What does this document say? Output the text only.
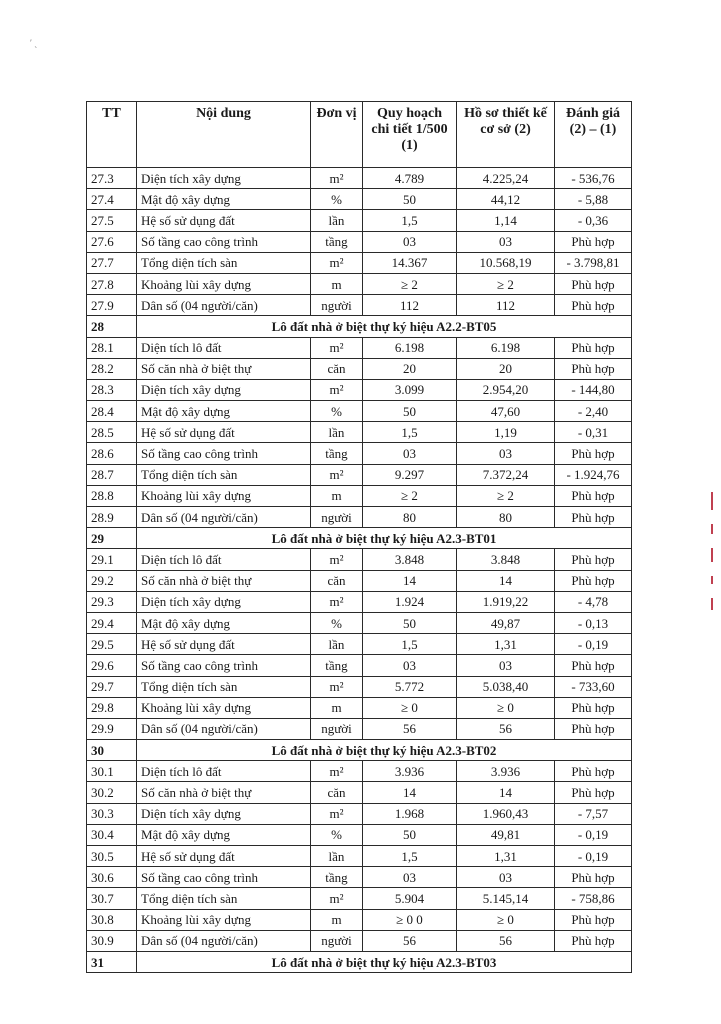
′ ˏ
TT	Nội dung	Đơn vị	Quy hoạch chi tiết 1/500 (1)	Hồ sơ thiết kế cơ sở (2)	Đánh giá (2) – (1)
27.3	Diện tích xây dựng	m²	4.789	4.225,24	- 536,76
27.4	Mật độ xây dựng	%	50	44,12	- 5,88
27.5	Hệ số sử dụng đất	lần	1,5	1,14	- 0,36
27.6	Số tầng cao công trình	tầng	03	03	Phù hợp
27.7	Tổng diện tích sàn	m²	14.367	10.568,19	- 3.798,81
27.8	Khoảng lùi xây dựng	m	≥ 2	≥ 2	Phù hợp
27.9	Dân số (04 người/căn)	người	112	112	Phù hợp
28	Lô đất nhà ở biệt thự ký hiệu A2.2-BT05				
28.1	Diện tích lô đất	m²	6.198	6.198	Phù hợp
28.2	Số căn nhà ở biệt thự	căn	20	20	Phù hợp
28.3	Diện tích xây dựng	m²	3.099	2.954,20	- 144,80
28.4	Mật độ xây dựng	%	50	47,60	- 2,40
28.5	Hệ số sử dụng đất	lần	1,5	1,19	- 0,31
28.6	Số tầng cao công trình	tầng	03	03	Phù hợp
28.7	Tổng diện tích sàn	m²	9.297	7.372,24	- 1.924,76
28.8	Khoảng lùi xây dựng	m	≥ 2	≥ 2	Phù hợp
28.9	Dân số (04 người/căn)	người	80	80	Phù hợp
29	Lô đất nhà ở biệt thự ký hiệu A2.3-BT01				
29.1	Diện tích lô đất	m²	3.848	3.848	Phù hợp
29.2	Số căn nhà ở biệt thự	căn	14	14	Phù hợp
29.3	Diện tích xây dựng	m²	1.924	1.919,22	- 4,78
29.4	Mật độ xây dựng	%	50	49,87	- 0,13
29.5	Hệ số sử dụng đất	lần	1,5	1,31	- 0,19
29.6	Số tầng cao công trình	tầng	03	03	Phù hợp
29.7	Tổng diện tích sàn	m²	5.772	5.038,40	- 733,60
29.8	Khoảng lùi xây dựng	m	≥ 0	≥ 0	Phù hợp
29.9	Dân số (04 người/căn)	người	56	56	Phù hợp
30	Lô đất nhà ở biệt thự ký hiệu A2.3-BT02				
30.1	Diện tích lô đất	m²	3.936	3.936	Phù hợp
30.2	Số căn nhà ở biệt thự	căn	14	14	Phù hợp
30.3	Diện tích xây dựng	m²	1.968	1.960,43	- 7,57
30.4	Mật độ xây dựng	%	50	49,81	- 0,19
30.5	Hệ số sử dụng đất	lần	1,5	1,31	- 0,19
30.6	Số tầng cao công trình	tầng	03	03	Phù hợp
30.7	Tổng diện tích sàn	m²	5.904	5.145,14	- 758,86
30.8	Khoảng lùi xây dựng	m	≥ 0 0	≥ 0	Phù hợp
30.9	Dân số (04 người/căn)	người	56	56	Phù hợp
31	Lô đất nhà ở biệt thự ký hiệu A2.3-BT03				
